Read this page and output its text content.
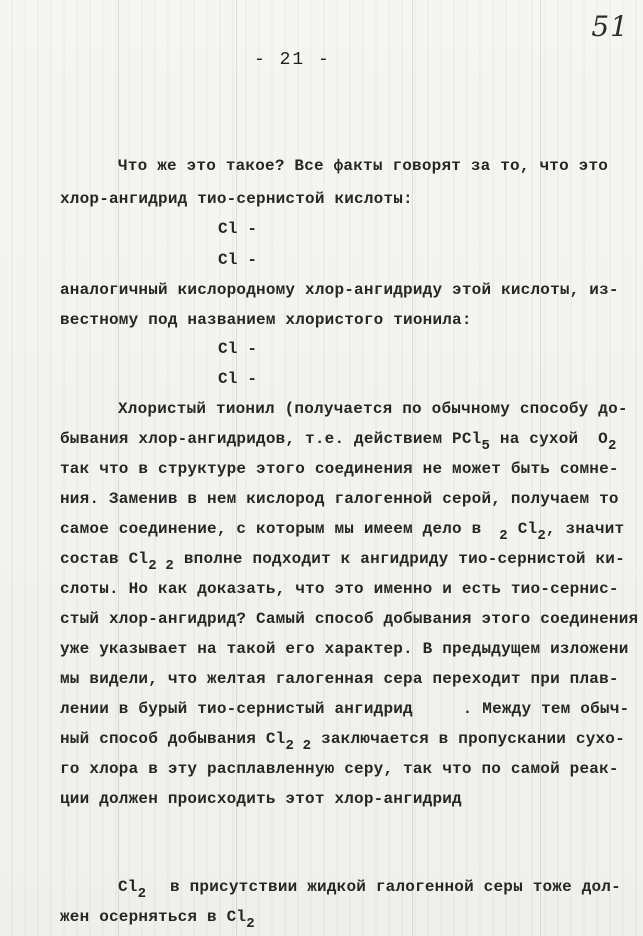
51
- 21 -
Что же это такое? Все факты говорят за то, что это
хлор-ангидрид тио-сернистой кислоты:
Cl -
Cl -
аналогичный кислородному хлор-ангидриду этой кислоты, из-
вестному под названием хлористого тионила:
Cl -
Cl -
Хлористый тионил (получается по обычному способу до-
бывания хлор-ангидридов, т.е. действием PCl5 на сухой O2
так что в структуре этого соединения не может быть сомне-
ния. Заменив в нем кислород галогенной серой, получаем то
самое соединение, с которым мы имеем дело в 2 Cl2, значит
состав Cl2 2 вполне подходит к ангидриду тио-сернистой ки-
слоты. Но как доказать, что это именно и есть тио-сернис-
стый хлор-ангидрид? Самый способ добывания этого соединения
уже указывает на такой его характер. В предыдущем изложени
мы видели, что желтая галогенная сера переходит при плав-
лении в бурый тио-сернистый ангидрид	. Между тем обыч-
ный способ добывания Cl2 2 заключается в пропускании сухо-
го хлора в эту расплавленную серу, так что по самой реак-
ции должен происходить этот хлор-ангидрид
Cl2 в присутствии жидкой галогенной серы тоже дол-
жен осерняться в Cl2
